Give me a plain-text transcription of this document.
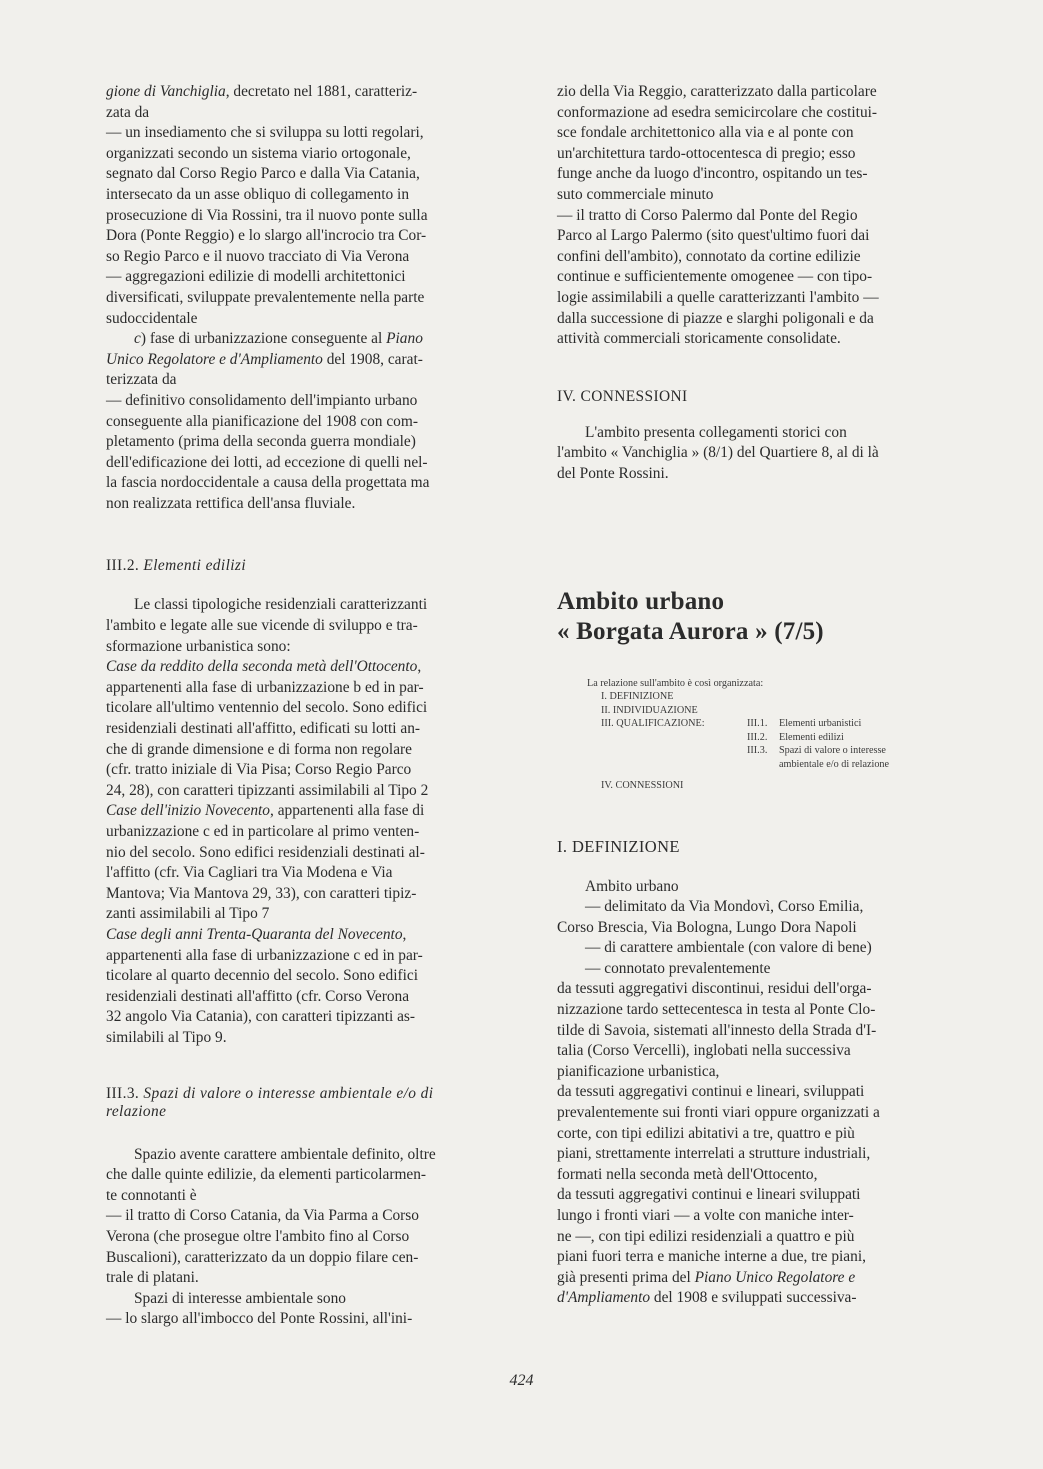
gione di Vanchiglia, decretato nel 1881, caratteriz-

zata da

— un insediamento che si sviluppa su lotti regolari,

organizzati secondo un sistema viario ortogonale,

segnato dal Corso Regio Parco e dalla Via Catania,

intersecato da un asse obliquo di collegamento in

prosecuzione di Via Rossini, tra il nuovo ponte sulla

Dora (Ponte Reggio) e lo slargo all'incrocio tra Cor-

so Regio Parco e il nuovo tracciato di Via Verona

— aggregazioni edilizie di modelli architettonici

diversificati, sviluppate prevalentemente nella parte

sudoccidentale

c) fase di urbanizzazione conseguente al Piano

Unico Regolatore e d'Ampliamento del 1908, carat-

terizzata da

— definitivo consolidamento dell'impianto urbano

conseguente alla pianificazione del 1908 con com-

pletamento (prima della seconda guerra mondiale)

dell'edificazione dei lotti, ad eccezione di quelli nel-

la fascia nordoccidentale a causa della progettata ma

non realizzata rettifica dell'ansa fluviale.

III.2. Elementi edilizi

Le classi tipologiche residenziali caratterizzanti

l'ambito e legate alle sue vicende di sviluppo e tra-

sformazione urbanistica sono:

Case da reddito della seconda metà dell'Ottocento,

appartenenti alla fase di urbanizzazione b ed in par-

ticolare all'ultimo ventennio del secolo. Sono edifici

residenziali destinati all'affitto, edificati su lotti an-

che di grande dimensione e di forma non regolare

(cfr. tratto iniziale di Via Pisa; Corso Regio Parco

24, 28), con caratteri tipizzanti assimilabili al Tipo 2

Case dell'inizio Novecento, appartenenti alla fase di

urbanizzazione c ed in particolare al primo venten-

nio del secolo. Sono edifici residenziali destinati al-

l'affitto (cfr. Via Cagliari tra Via Modena e Via

Mantova; Via Mantova 29, 33), con caratteri tipiz-

zanti assimilabili al Tipo 7

Case degli anni Trenta-Quaranta del Novecento,

appartenenti alla fase di urbanizzazione c ed in par-

ticolare al quarto decennio del secolo. Sono edifici

residenziali destinati all'affitto (cfr. Corso Verona

32 angolo Via Catania), con caratteri tipizzanti as-

similabili al Tipo 9.

III.3. Spazi di valore o interesse ambientale e/o di

relazione

Spazio avente carattere ambientale definito, oltre

che dalle quinte edilizie, da elementi particolarmen-

te connotanti è

— il tratto di Corso Catania, da Via Parma a Corso

Verona (che prosegue oltre l'ambito fino al Corso

Buscalioni), caratterizzato da un doppio filare cen-

trale di platani.

Spazi di interesse ambientale sono

— lo slargo all'imbocco del Ponte Rossini, all'ini-

zio della Via Reggio, caratterizzato dalla particolare

conformazione ad esedra semicircolare che costitui-

sce fondale architettonico alla via e al ponte con

un'architettura tardo-ottocentesca di pregio; esso

funge anche da luogo d'incontro, ospitando un tes-

suto commerciale minuto

— il tratto di Corso Palermo dal Ponte del Regio

Parco al Largo Palermo (sito quest'ultimo fuori dai

confini dell'ambito), connotato da cortine edilizie

continue e sufficientemente omogenee — con tipo-

logie assimilabili a quelle caratterizzanti l'ambito —

dalla successione di piazze e slarghi poligonali e da

attività commerciali storicamente consolidate.

IV. CONNESSIONI

L'ambito presenta collegamenti storici con

l'ambito « Vanchiglia » (8/1) del Quartiere 8, al di là

del Ponte Rossini.

Ambito urbano

« Borgata Aurora » (7/5)

La relazione sull'ambito è così organizzata:
I. DEFINIZIONE
II. INDIVIDUAZIONE
III. QUALIFICAZIONE:	III.1.	Elementi urbanistici
III.2.	Elementi edilizi
III.3.	Spazi di valore o interesse
ambientale e/o di relazione
IV. CONNESSIONI

I. DEFINIZIONE

Ambito urbano

— delimitato da Via Mondovì, Corso Emilia,

Corso Brescia, Via Bologna, Lungo Dora Napoli

— di carattere ambientale (con valore di bene)

— connotato prevalentemente

da tessuti aggregativi discontinui, residui dell'orga-

nizzazione tardo settecentesca in testa al Ponte Clo-

tilde di Savoia, sistemati all'innesto della Strada d'I-

talia (Corso Vercelli), inglobati nella successiva

pianificazione urbanistica,

da tessuti aggregativi continui e lineari, sviluppati

prevalentemente sui fronti viari oppure organizzati a

corte, con tipi edilizi abitativi a tre, quattro e più

piani, strettamente interrelati a strutture industriali,

formati nella seconda metà dell'Ottocento,

da tessuti aggregativi continui e lineari sviluppati

lungo i fronti viari — a volte con maniche inter-

ne —, con tipi edilizi residenziali a quattro e più

piani fuori terra e maniche interne a due, tre piani,

già presenti prima del Piano Unico Regolatore e

d'Ampliamento del 1908 e sviluppati successiva-

424
